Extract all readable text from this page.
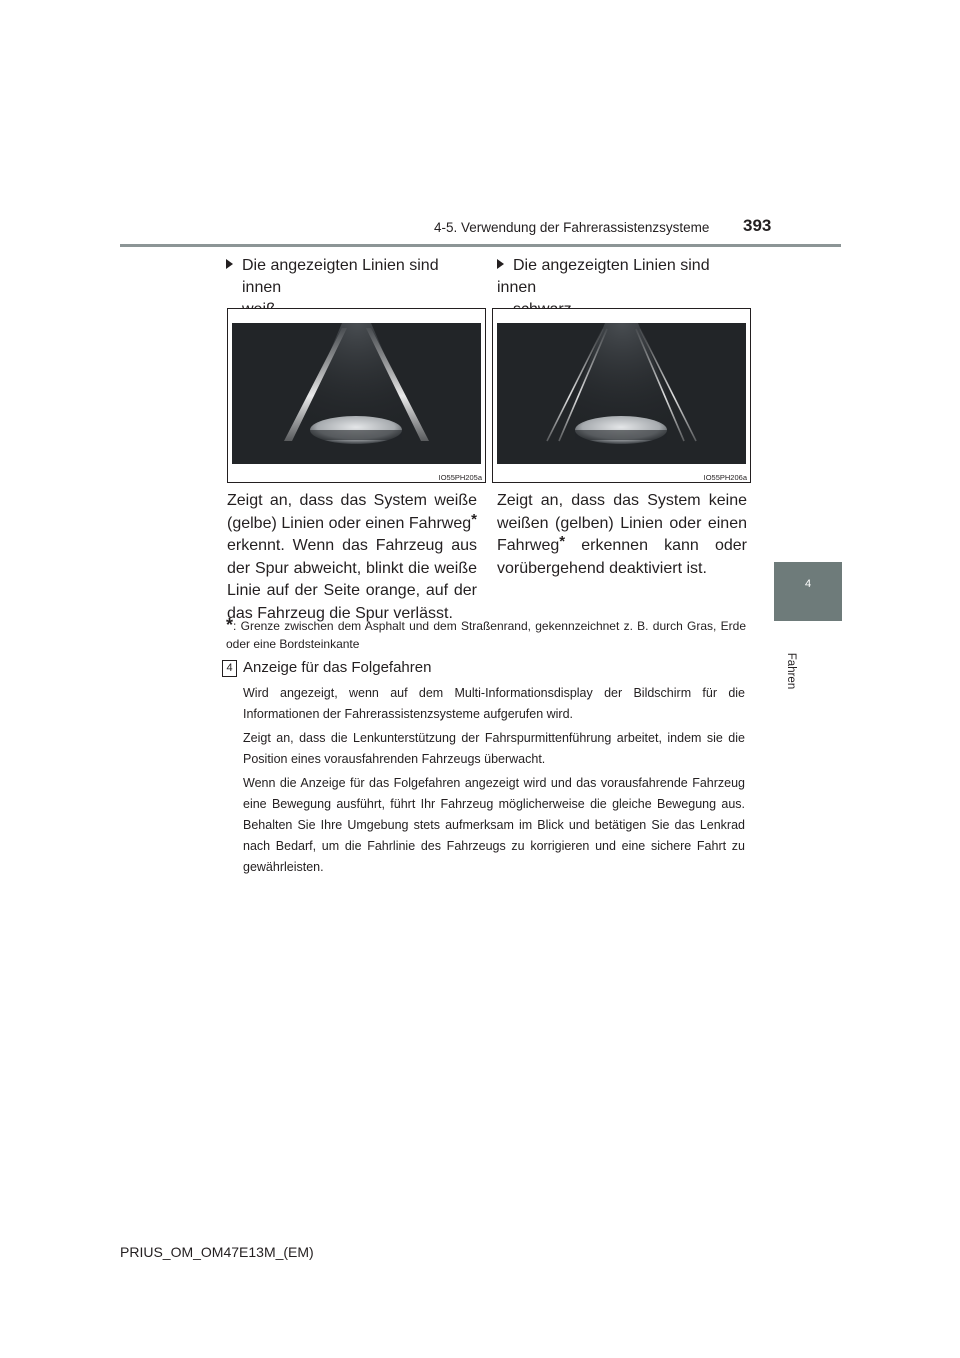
4-5. Verwendung der Fahrerassistenzsysteme 393
4
Fahren
Die angezeigten Linien sind innen
Die angezeigten Linien sind innen
IO55PH205a	IO55PH206a
Zeigt an, dass das System weiße (gelbe) Linien oder einen Fahrweg* erkennt. Wenn das Fahrzeug aus der Spur abweicht, blinkt die weiße Linie auf der Seite orange, auf der das Fahrzeug die Spur verlässt.
Zeigt an, dass das System keine weißen (gelben) Linien oder einen Fahrweg* erkennen kann oder vorübergehend deaktiviert ist.
*: Grenze zwischen dem Asphalt und dem Straßenrand, gekennzeichnet z. B. durch Gras, Erde oder eine Bordsteinkante
4 Anzeige für das Folgefahren
Wird angezeigt, wenn auf dem Multi-Informationsdisplay der Bildschirm für die Informationen der Fahrerassistenzsysteme aufgerufen wird.
Zeigt an, dass die Lenkunterstützung der Fahrspurmittenführung arbeitet, indem sie die Position eines vorausfahrenden Fahrzeugs überwacht.
Wenn die Anzeige für das Folgefahren angezeigt wird und das vorausfahrende Fahrzeug eine Bewegung ausführt, führt Ihr Fahrzeug möglicherweise die gleiche Bewegung aus. Behalten Sie Ihre Umgebung stets aufmerksam im Blick und betätigen Sie das Lenkrad nach Bedarf, um die Fahrlinie des Fahrzeugs zu korrigieren und eine sichere Fahrt zu gewährleisten.
PRIUS_OM_OM47E13M_(EM)
